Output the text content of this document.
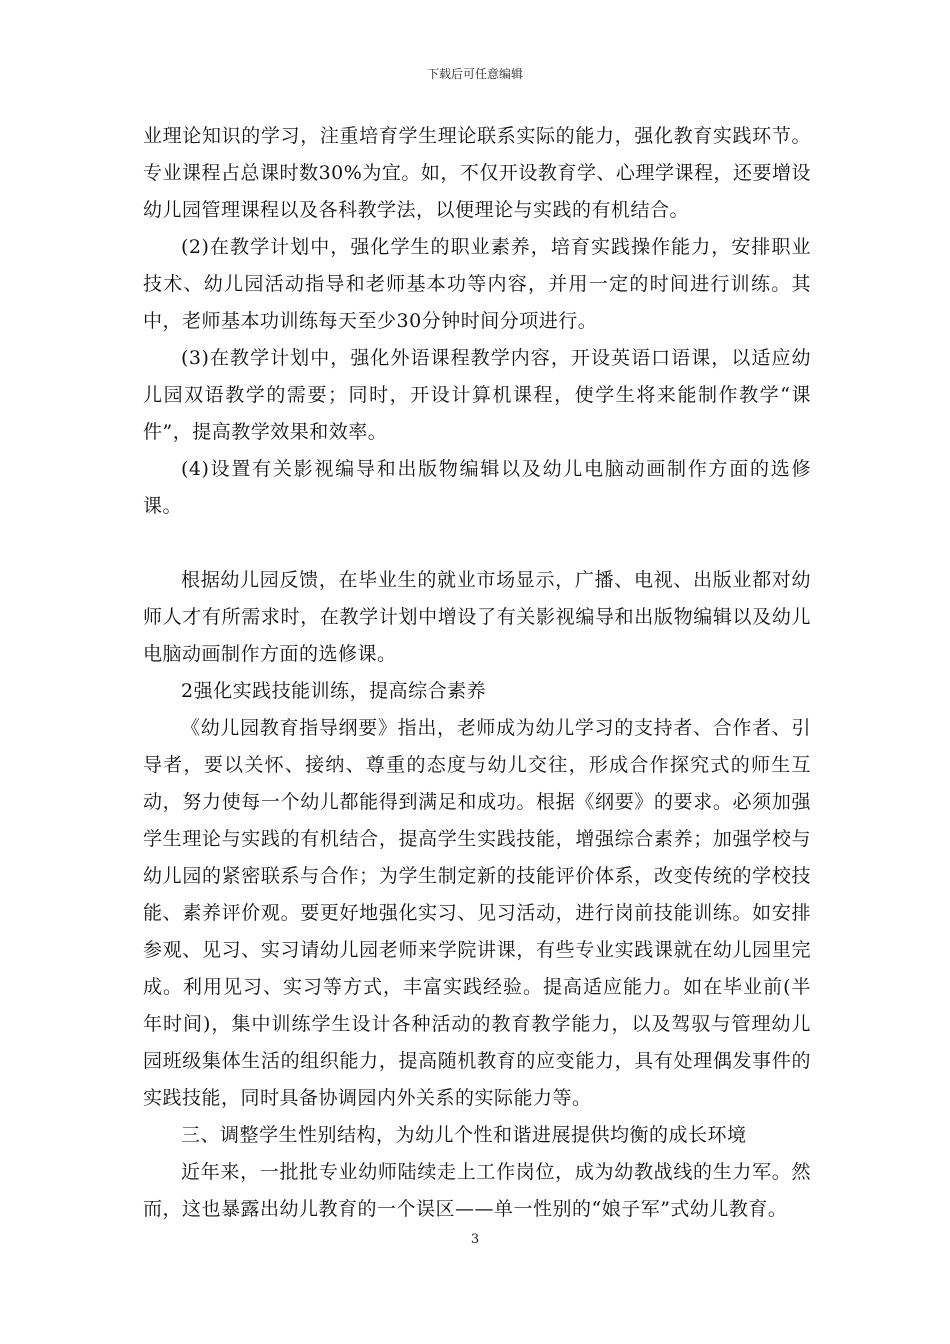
下载后可任意编辑

业理论知识的学习，注重培育学生理论联系实际的能力，强化教育实践环节。专业课程占总课时数30%为宜。如，不仅开设教育学、心理学课程，还要增设幼儿园管理课程以及各科教学法，以便理论与实践的有机结合。

(2)在教学计划中，强化学生的职业素养，培育实践操作能力，安排职业技术、幼儿园活动指导和老师基本功等内容，并用一定的时间进行训练。其中，老师基本功训练每天至少30分钟时间分项进行。

(3)在教学计划中，强化外语课程教学内容，开设英语口语课，以适应幼儿园双语教学的需要；同时，开设计算机课程，使学生将来能制作教学“课件”，提高教学效果和效率。

(4)设置有关影视编导和出版物编辑以及幼儿电脑动画制作方面的选修课。

根据幼儿园反馈，在毕业生的就业市场显示，广播、电视、出版业都对幼师人才有所需求时，在教学计划中增设了有关影视编导和出版物编辑以及幼儿电脑动画制作方面的选修课。

2强化实践技能训练，提高综合素养

《幼儿园教育指导纲要》指出，老师成为幼儿学习的支持者、合作者、引导者，要以关怀、接纳、尊重的态度与幼儿交往，形成合作探究式的师生互动，努力使每一个幼儿都能得到满足和成功。根据《纲要》的要求。必须加强学生理论与实践的有机结合，提高学生实践技能，增强综合素养；加强学校与幼儿园的紧密联系与合作；为学生制定新的技能评价体系，改变传统的学校技能、素养评价观。要更好地强化实习、见习活动，进行岗前技能训练。如安排参观、见习、实习请幼儿园老师来学院讲课，有些专业实践课就在幼儿园里完成。利用见习、实习等方式，丰富实践经验。提高适应能力。如在毕业前(半年时间)，集中训练学生设计各种活动的教育教学能力，以及驾驭与管理幼儿园班级集体生活的组织能力，提高随机教育的应变能力，具有处理偶发事件的实践技能，同时具备协调园内外关系的实际能力等。

三、调整学生性别结构，为幼儿个性和谐进展提供均衡的成长环境

近年来，一批批专业幼师陆续走上工作岗位，成为幼教战线的生力军。然而，这也暴露出幼儿教育的一个误区——单一性别的“娘子军”式幼儿教育。

3
